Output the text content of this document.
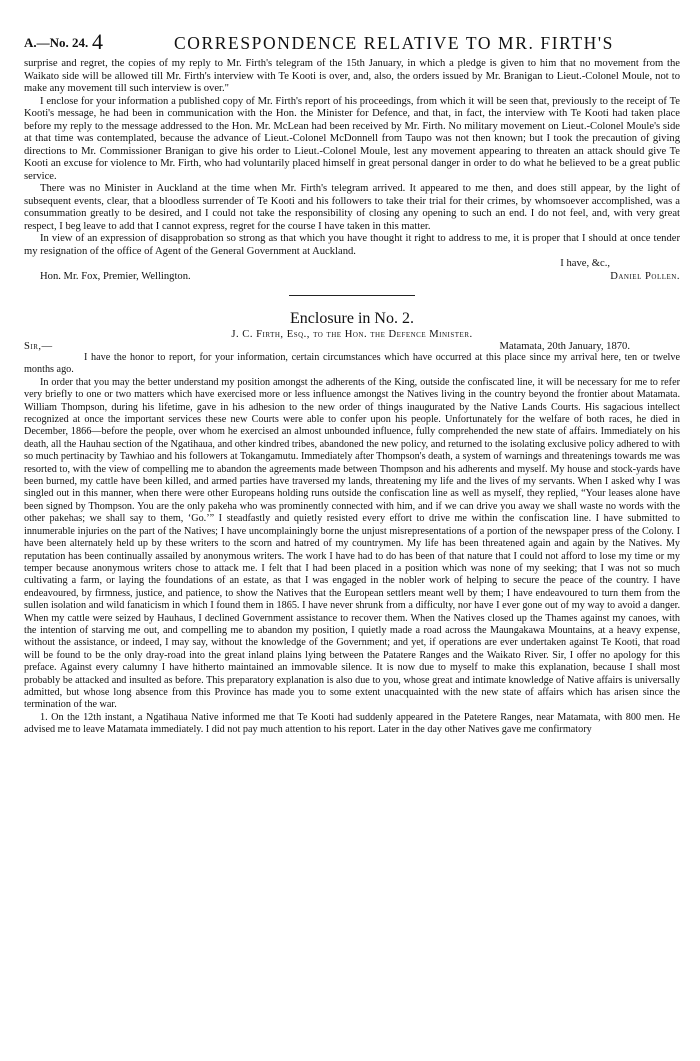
A.—No. 24. 4	CORRESPONDENCE RELATIVE TO MR. FIRTH'S

surprise and regret, the copies of my reply to Mr. Firth's telegram of the 15th January, in which a pledge is given to him that no movement from the Waikato side will be allowed till Mr. Firth's interview with Te Kooti is over, and, also, the orders issued by Mr. Branigan to Lieut.-Colonel Moule, not to make any movement till such interview is over."

I enclose for your information a published copy of Mr. Firth's report of his proceedings, from which it will be seen that, previously to the receipt of Te Kooti's message, he had been in communication with the Hon. the Minister for Defence, and that, in fact, the interview with Te Kooti had taken place before my reply to the message addressed to the Hon. Mr. McLean had been received by Mr. Firth. No military movement on Lieut.-Colonel Moule's side at that time was contemplated, because the advance of Lieut.-Colonel McDonnell from Taupo was not then known; but I took the precaution of giving directions to Mr. Commissioner Branigan to give his order to Lieut.-Colonel Moule, lest any movement appearing to threaten an attack should give Te Kooti an excuse for violence to Mr. Firth, who had voluntarily placed himself in great personal danger in order to do what he believed to be a great public service.

There was no Minister in Auckland at the time when Mr. Firth's telegram arrived. It appeared to me then, and does still appear, by the light of subsequent events, clear, that a bloodless surrender of Te Kooti and his followers to take their trial for their crimes, by whomsoever accomplished, was a consummation greatly to be desired, and I could not take the responsibility of closing any opening to such an end. I do not feel, and, with very great respect, I beg leave to add that I cannot express, regret for the course I have taken in this matter.

In view of an expression of disapprobation so strong as that which you have thought it right to address to me, it is proper that I should at once tender my resignation of the office of Agent of the General Government at Auckland.

I have, &c.,

Hon. Mr. Fox, Premier, Wellington.	Daniel Pollen.

Enclosure in No. 2.
J. C. Firth, Esq., to the Hon. the Defence Minister.
Sir,—	Matamata, 20th January, 1870.

I have the honor to report, for your information, certain circumstances which have occurred at this place since my arrival here, ten or twelve months ago.

In order that you may the better understand my position amongst the adherents of the King, outside the confiscated line, it will be necessary for me to refer very briefly to one or two matters which have exercised more or less influence amongst the Natives living in the country beyond the frontier about Matamata. William Thompson, during his lifetime, gave in his adhesion to the new order of things inaugurated by the Native Lands Courts. His sagacious intellect recognized at once the important services these new Courts were able to confer upon his people. Unfortunately for the welfare of both races, he died in December, 1866—before the people, over whom he exercised an almost unbounded influence, fully comprehended the new state of affairs. Immediately on his death, all the Hauhau section of the Ngatihaua, and other kindred tribes, abandoned the new policy, and returned to the isolating exclusive policy adhered to with so much pertinacity by Tawhiao and his followers at Tokangamutu. Immediately after Thompson's death, a system of warnings and threatenings towards me was resorted to, with the view of compelling me to abandon the agreements made between Thompson and his adherents and myself. My house and stock-yards have been burned, my cattle have been killed, and armed parties have traversed my lands, threatening my life and the lives of my servants. When I asked why I was singled out in this manner, when there were other Europeans holding runs outside the confiscation line as well as myself, they replied, “Your leases alone have been signed by Thompson. You are the only pakeha who was prominently connected with him, and if we can drive you away we shall waste no words with the other pakehas; we shall say to them, ‘Go.’” I steadfastly and quietly resisted every effort to drive me within the confiscation line. I have submitted to innumerable injuries on the part of the Natives; I have uncomplainingly borne the unjust misrepresentations of a portion of the newspaper press of the Colony. I have been alternately held up by these writers to the scorn and hatred of my countrymen. My life has been threatened again and again by the Natives. My reputation has been continually assailed by anonymous writers. The work I have had to do has been of that nature that I could not afford to lose my time or my temper because anonymous writers chose to attack me. I felt that I had been placed in a position which was none of my seeking; that I was not so much cultivating a farm, or laying the foundations of an estate, as that I was engaged in the nobler work of helping to secure the peace of the country. I have endeavoured, by firmness, justice, and patience, to show the Natives that the European settlers meant well by them; I have endeavoured to turn them from the sullen isolation and wild fanaticism in which I found them in 1865. I have never shrunk from a difficulty, nor have I ever gone out of my way to avoid a danger. When my cattle were seized by Hauhaus, I declined Government assistance to recover them. When the Natives closed up the Thames against my canoes, with the intention of starving me out, and compelling me to abandon my position, I quietly made a road across the Maungakawa Mountains, at a heavy expense, without the assistance, or indeed, I may say, without the knowledge of the Government; and yet, if operations are ever undertaken against Te Kooti, that road will be found to be the only dray-road into the great inland plains lying between the Patatere Ranges and the Waikato River. Sir, I offer no apology for this preface. Against every calumny I have hitherto maintained an immovable silence. It is now due to myself to make this explanation, because I shall most probably be attacked and insulted as before. This preparatory explanation is also due to you, whose great and intimate knowledge of Native affairs is universally admitted, but whose long absence from this Province has made you to some extent unacquainted with the new state of affairs which has arisen since the termination of the war.

1. On the 12th instant, a Ngatihaua Native informed me that Te Kooti had suddenly appeared in the Patetere Ranges, near Matamata, with 800 men. He advised me to leave Matamata immediately. I did not pay much attention to his report. Later in the day other Natives gave me confirmatory
